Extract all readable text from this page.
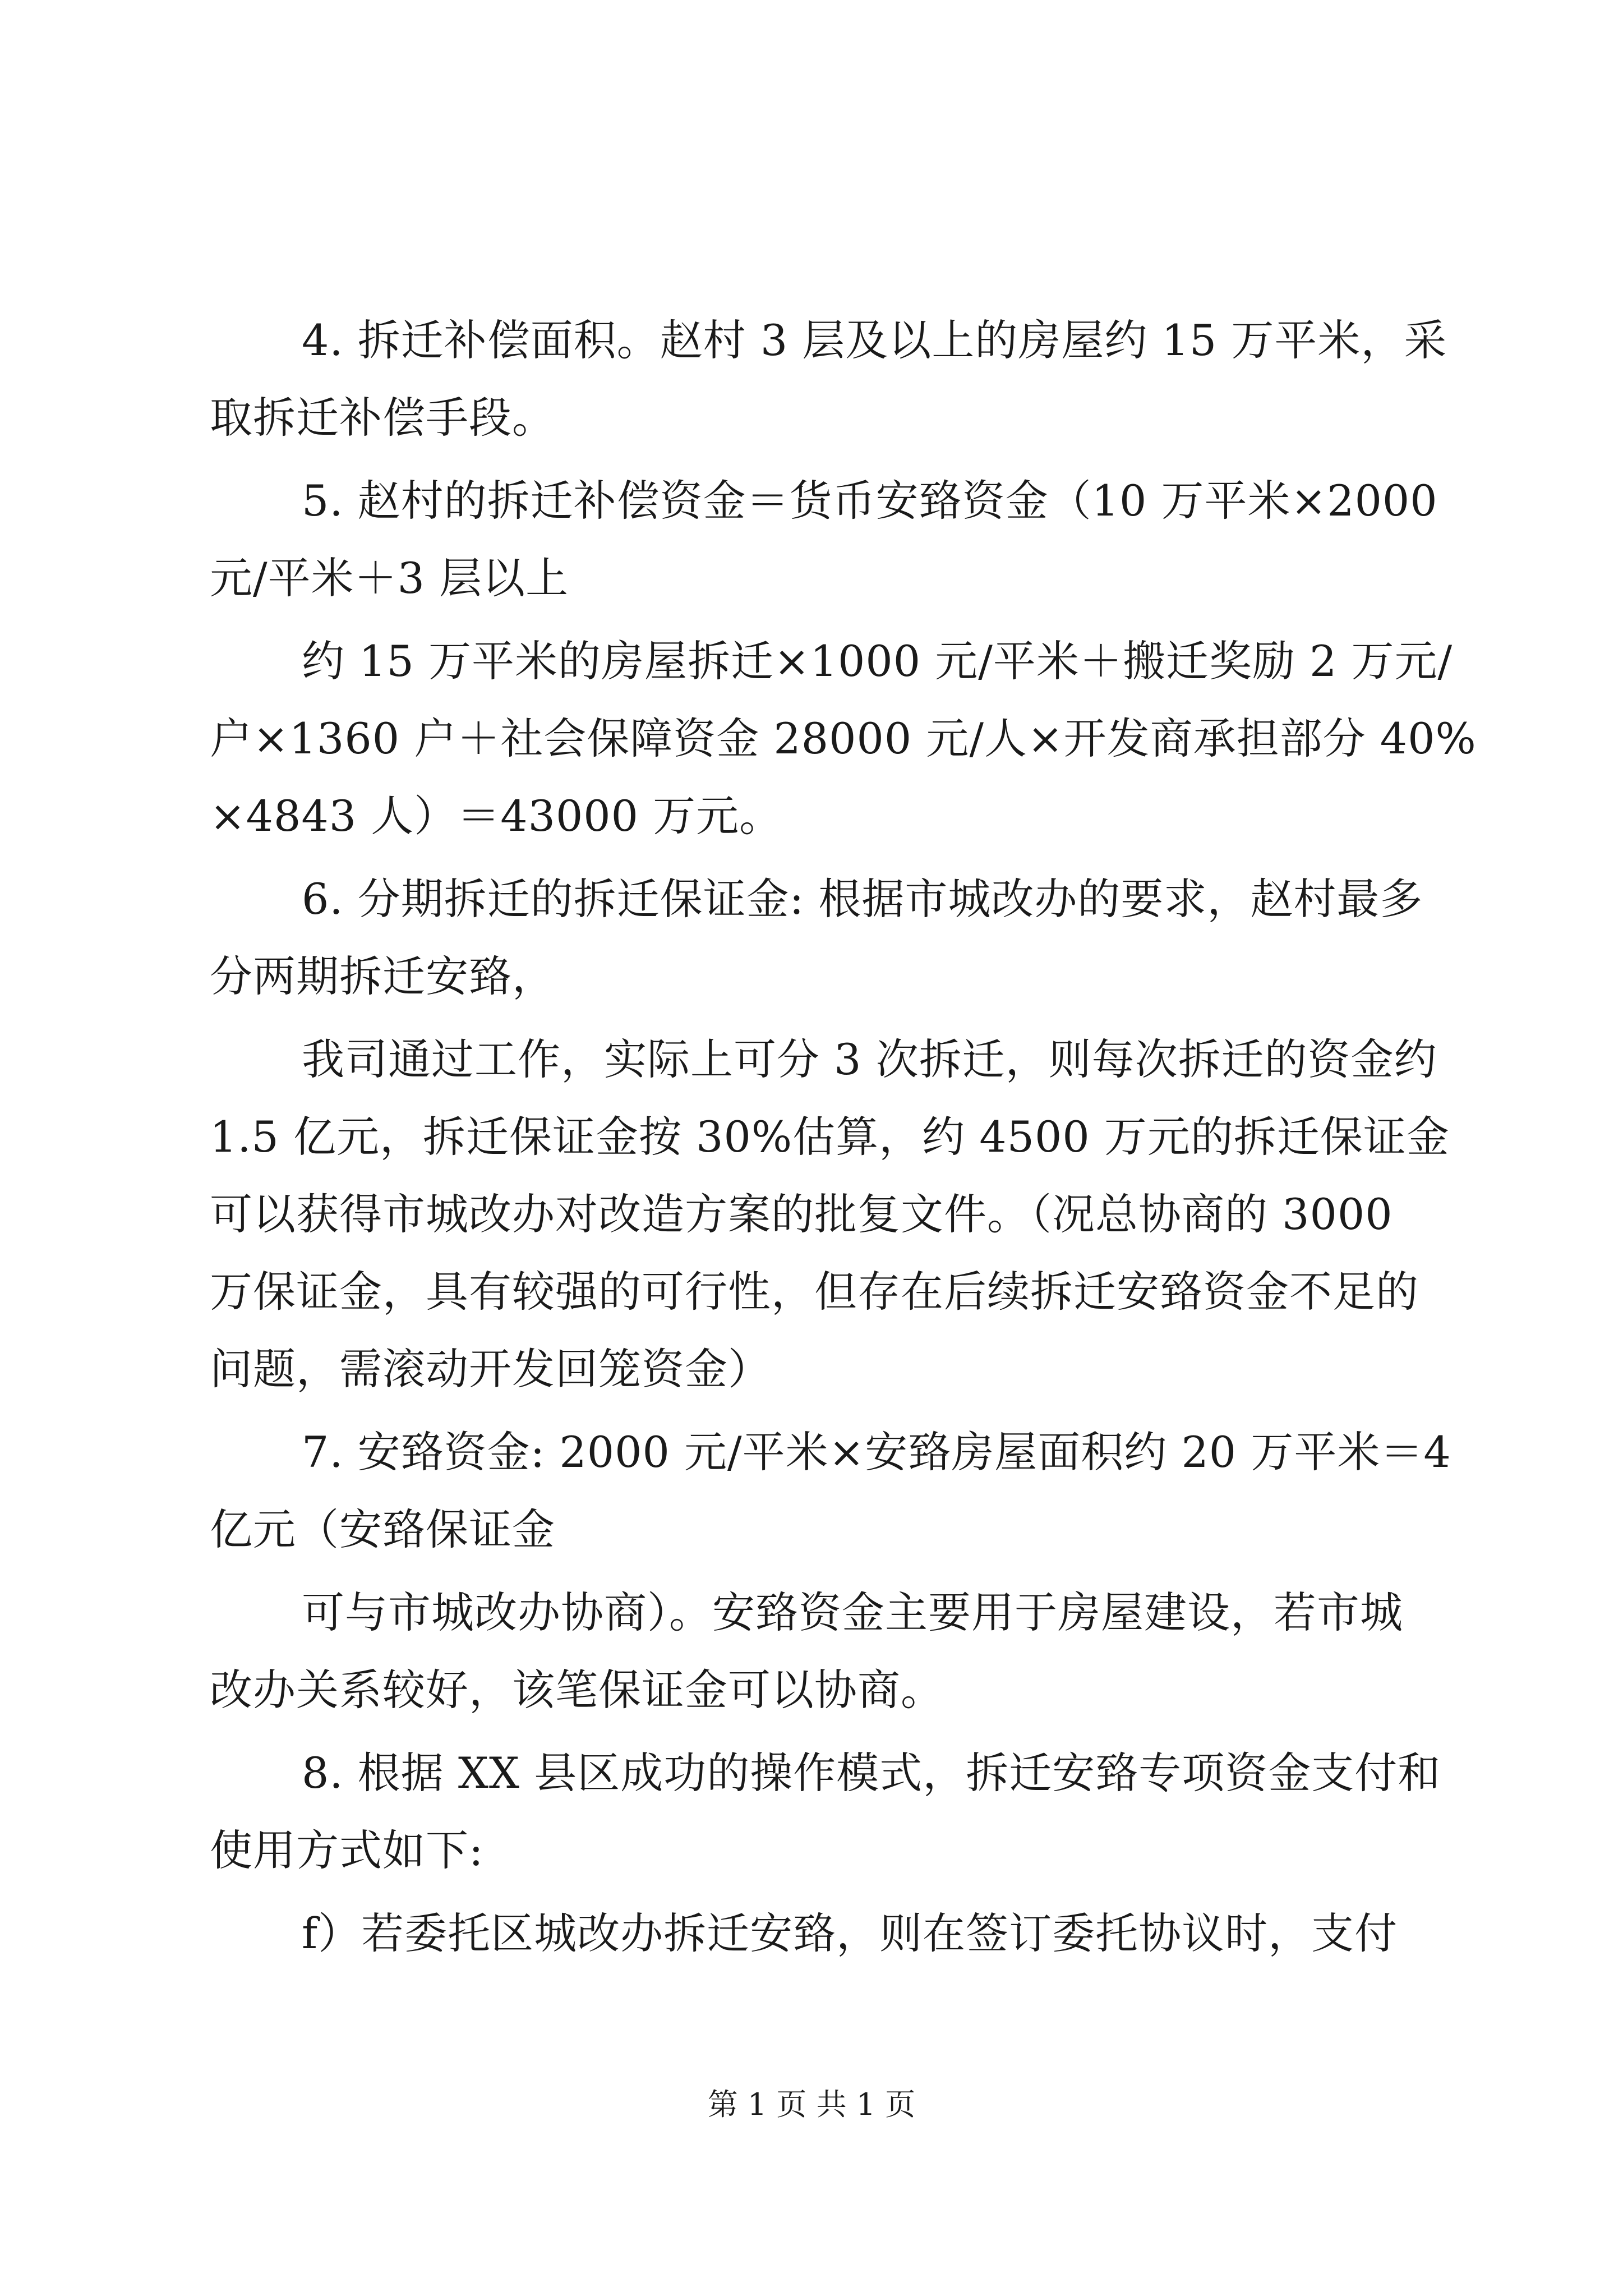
4. 拆迁补偿面积。赵村 3 层及以上的房屋约 15 万平米，采
取拆迁补偿手段。
5. 赵村的拆迁补偿资金＝货币安臵资金（10 万平米×2000
元/平米＋3 层以上
约 15 万平米的房屋拆迁×1000 元/平米＋搬迁奖励 2 万元/
户×1360 户＋社会保障资金 28000 元/人×开发商承担部分 40%
×4843 人）＝43000 万元。
6. 分期拆迁的拆迁保证金: 根据市城改办的要求，赵村最多
分两期拆迁安臵，
我司通过工作，实际上可分 3 次拆迁，则每次拆迁的资金约
1.5 亿元，拆迁保证金按 30%估算，约 4500 万元的拆迁保证金
可以获得市城改办对改造方案的批复文件。（况总协商的 3000
万保证金，具有较强的可行性，但存在后续拆迁安臵资金不足的
问题，需滚动开发回笼资金）
7. 安臵资金: 2000 元/平米×安臵房屋面积约 20 万平米＝4
亿元（安臵保证金
可与市城改办协商）。安臵资金主要用于房屋建设，若市城
改办关系较好，该笔保证金可以协商。
8. 根据 XX 县区成功的操作模式，拆迁安臵专项资金支付和
使用方式如下:
f）若委托区城改办拆迁安臵，则在签订委托协议时，支付
第 1 页 共 1 页
